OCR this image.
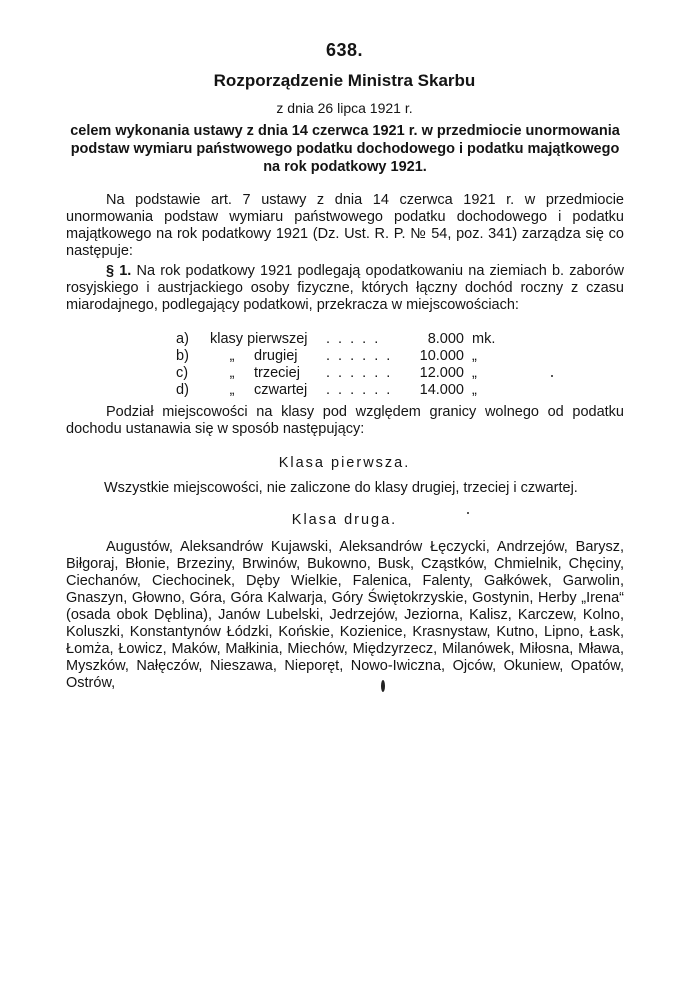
638.
Rozporządzenie Ministra Skarbu
z dnia 26 lipca 1921 r.
celem wykonania ustawy z dnia 14 czerwca 1921 r. w przedmiocie unormowania podstaw wymiaru państwowego podatku dochodowego i podatku majątkowego na rok podatkowy 1921.
Na podstawie art. 7 ustawy z dnia 14 czerwca 1921 r. w przedmiocie unormowania podstaw wymiaru państwowego podatku dochodowego i podatku majątkowego na rok podatkowy 1921 (Dz. Ust. R. P. № 54, poz. 341) zarządza się co następuje:
§ 1. Na rok podatkowy 1921 podlegają opodatkowaniu na ziemiach b. zaborów rosyjskiego i austrjackiego osoby fizyczne, których łączny dochód roczny z czasu miarodajnego, podlegający podatkowi, przekracza w miejscowościach:
a)	klasy pierwszej	. . . . .	8.000 mk.
b)	„	drugiej	. . . . . .	10.000 „
c)	„	trzeciej	. . . . . .	12.000 „
d)	„	czwartej	. . . . . .	14.000 „
Podział miejscowości na klasy pod względem granicy wolnego od podatku dochodu ustanawia się w sposób następujący:
Klasa pierwsza.
Wszystkie miejscowości, nie zaliczone do klasy drugiej, trzeciej i czwartej.
Klasa druga.
Augustów, Aleksandrów Kujawski, Aleksandrów Łęczycki, Andrzejów, Barysz, Biłgoraj, Błonie, Brzeziny, Brwinów, Bukowno, Busk, Cząstków, Chmielnik, Chęciny, Ciechanów, Ciechocinek, Dęby Wielkie, Falenica, Falenty, Gałkówek, Garwolin, Gnaszyn, Głowno, Góra, Góra Kalwarja, Góry Świętokrzyskie, Gostynin, Herby „Irena“ (osada obok Dęblina), Janów Lubelski, Jedrzejów, Jeziorna, Kalisz, Karczew, Kolno, Koluszki, Konstantynów Łódzki, Końskie, Kozienice, Krasnystaw, Kutno, Lipno, Łask, Łomża, Łowicz, Maków, Małkinia, Miechów, Międzyrzecz, Milanówek, Miłosna, Mława, Myszków, Nałęczów, Nieszawa, Nieporęt, Nowo-Iwiczna, Ojców, Okuniew, Opatów, Ostrów,
